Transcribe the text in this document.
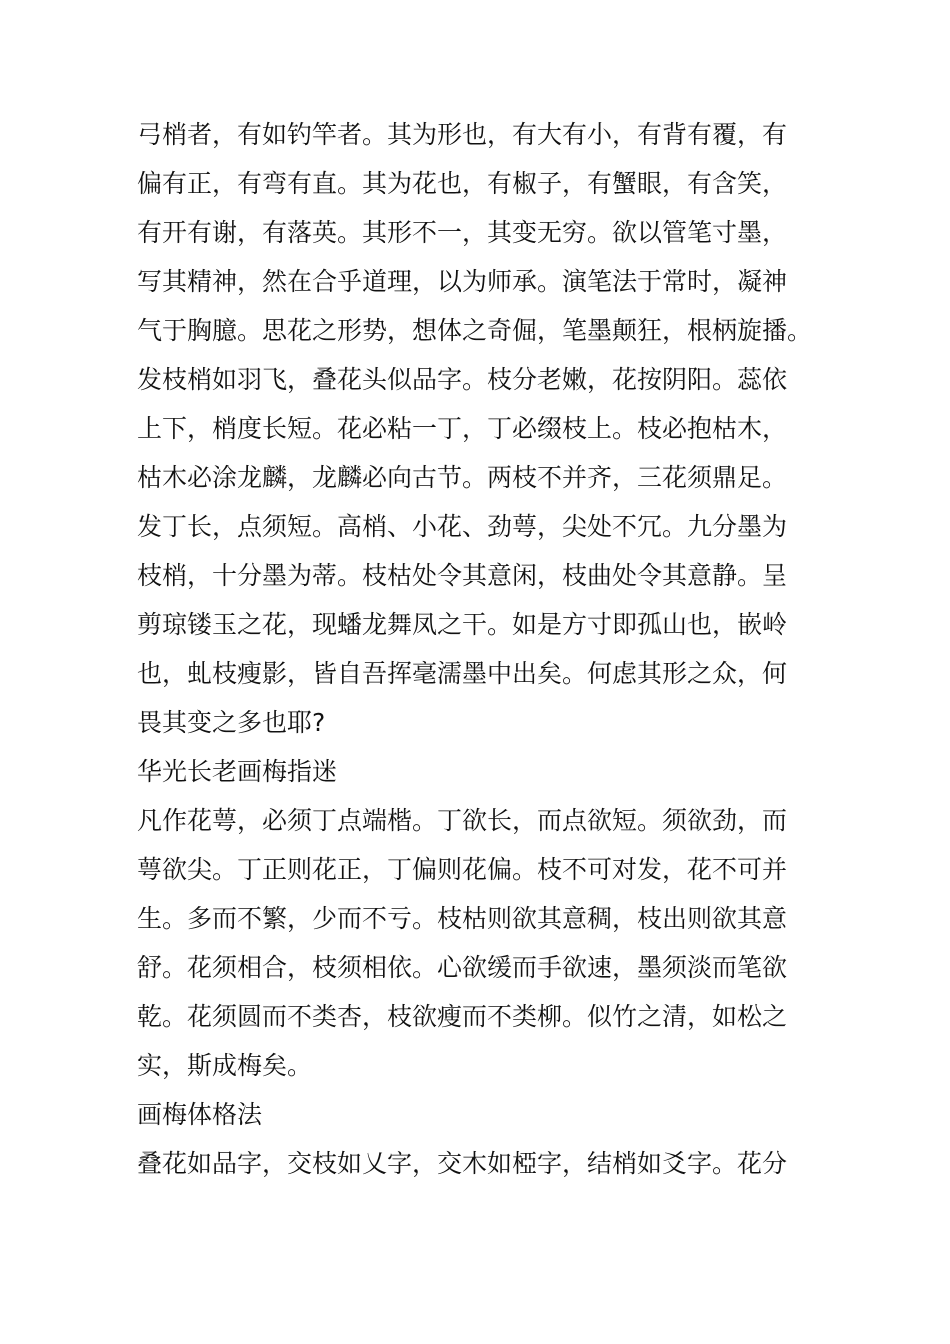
弓梢者，有如钓竿者。其为形也，有大有小，有背有覆，有
偏有正，有弯有直。其为花也，有椒子，有蟹眼，有含笑，
有开有谢，有落英。其形不一，其变无穷。欲以管笔寸墨，
写其精神，然在合乎道理，以为师承。演笔法于常时，凝神
气于胸臆。思花之形势，想体之奇倔，笔墨颠狂，根柄旋播。
发枝梢如羽飞，叠花头似品字。枝分老嫩，花按阴阳。蕊依
上下，梢度长短。花必粘一丁，丁必缀枝上。枝必抱枯木，
枯木必涂龙麟，龙麟必向古节。两枝不并齐，三花须鼎足。
发丁长，点须短。高梢、小花、劲萼，尖处不冗。九分墨为
枝梢，十分墨为蒂。枝枯处令其意闲，枝曲处令其意静。呈
剪琼镂玉之花，现蟠龙舞凤之干。如是方寸即孤山也，嵌岭
也，虬枝瘦影，皆自吾挥毫濡墨中出矣。何虑其形之众，何
畏其变之多也耶?
华光长老画梅指迷
凡作花萼，必须丁点端楷。丁欲长，而点欲短。须欲劲，而
萼欲尖。丁正则花正，丁偏则花偏。枝不可对发，花不可并
生。多而不繁，少而不亏。枝枯则欲其意稠，枝出则欲其意
舒。花须相合，枝须相依。心欲缓而手欲速，墨须淡而笔欲
乾。花须圆而不类杏，枝欲瘦而不类柳。似竹之清，如松之
实，斯成梅矣。
画梅体格法
叠花如品字，交枝如乂字，交木如椏字，结梢如爻字。花分
